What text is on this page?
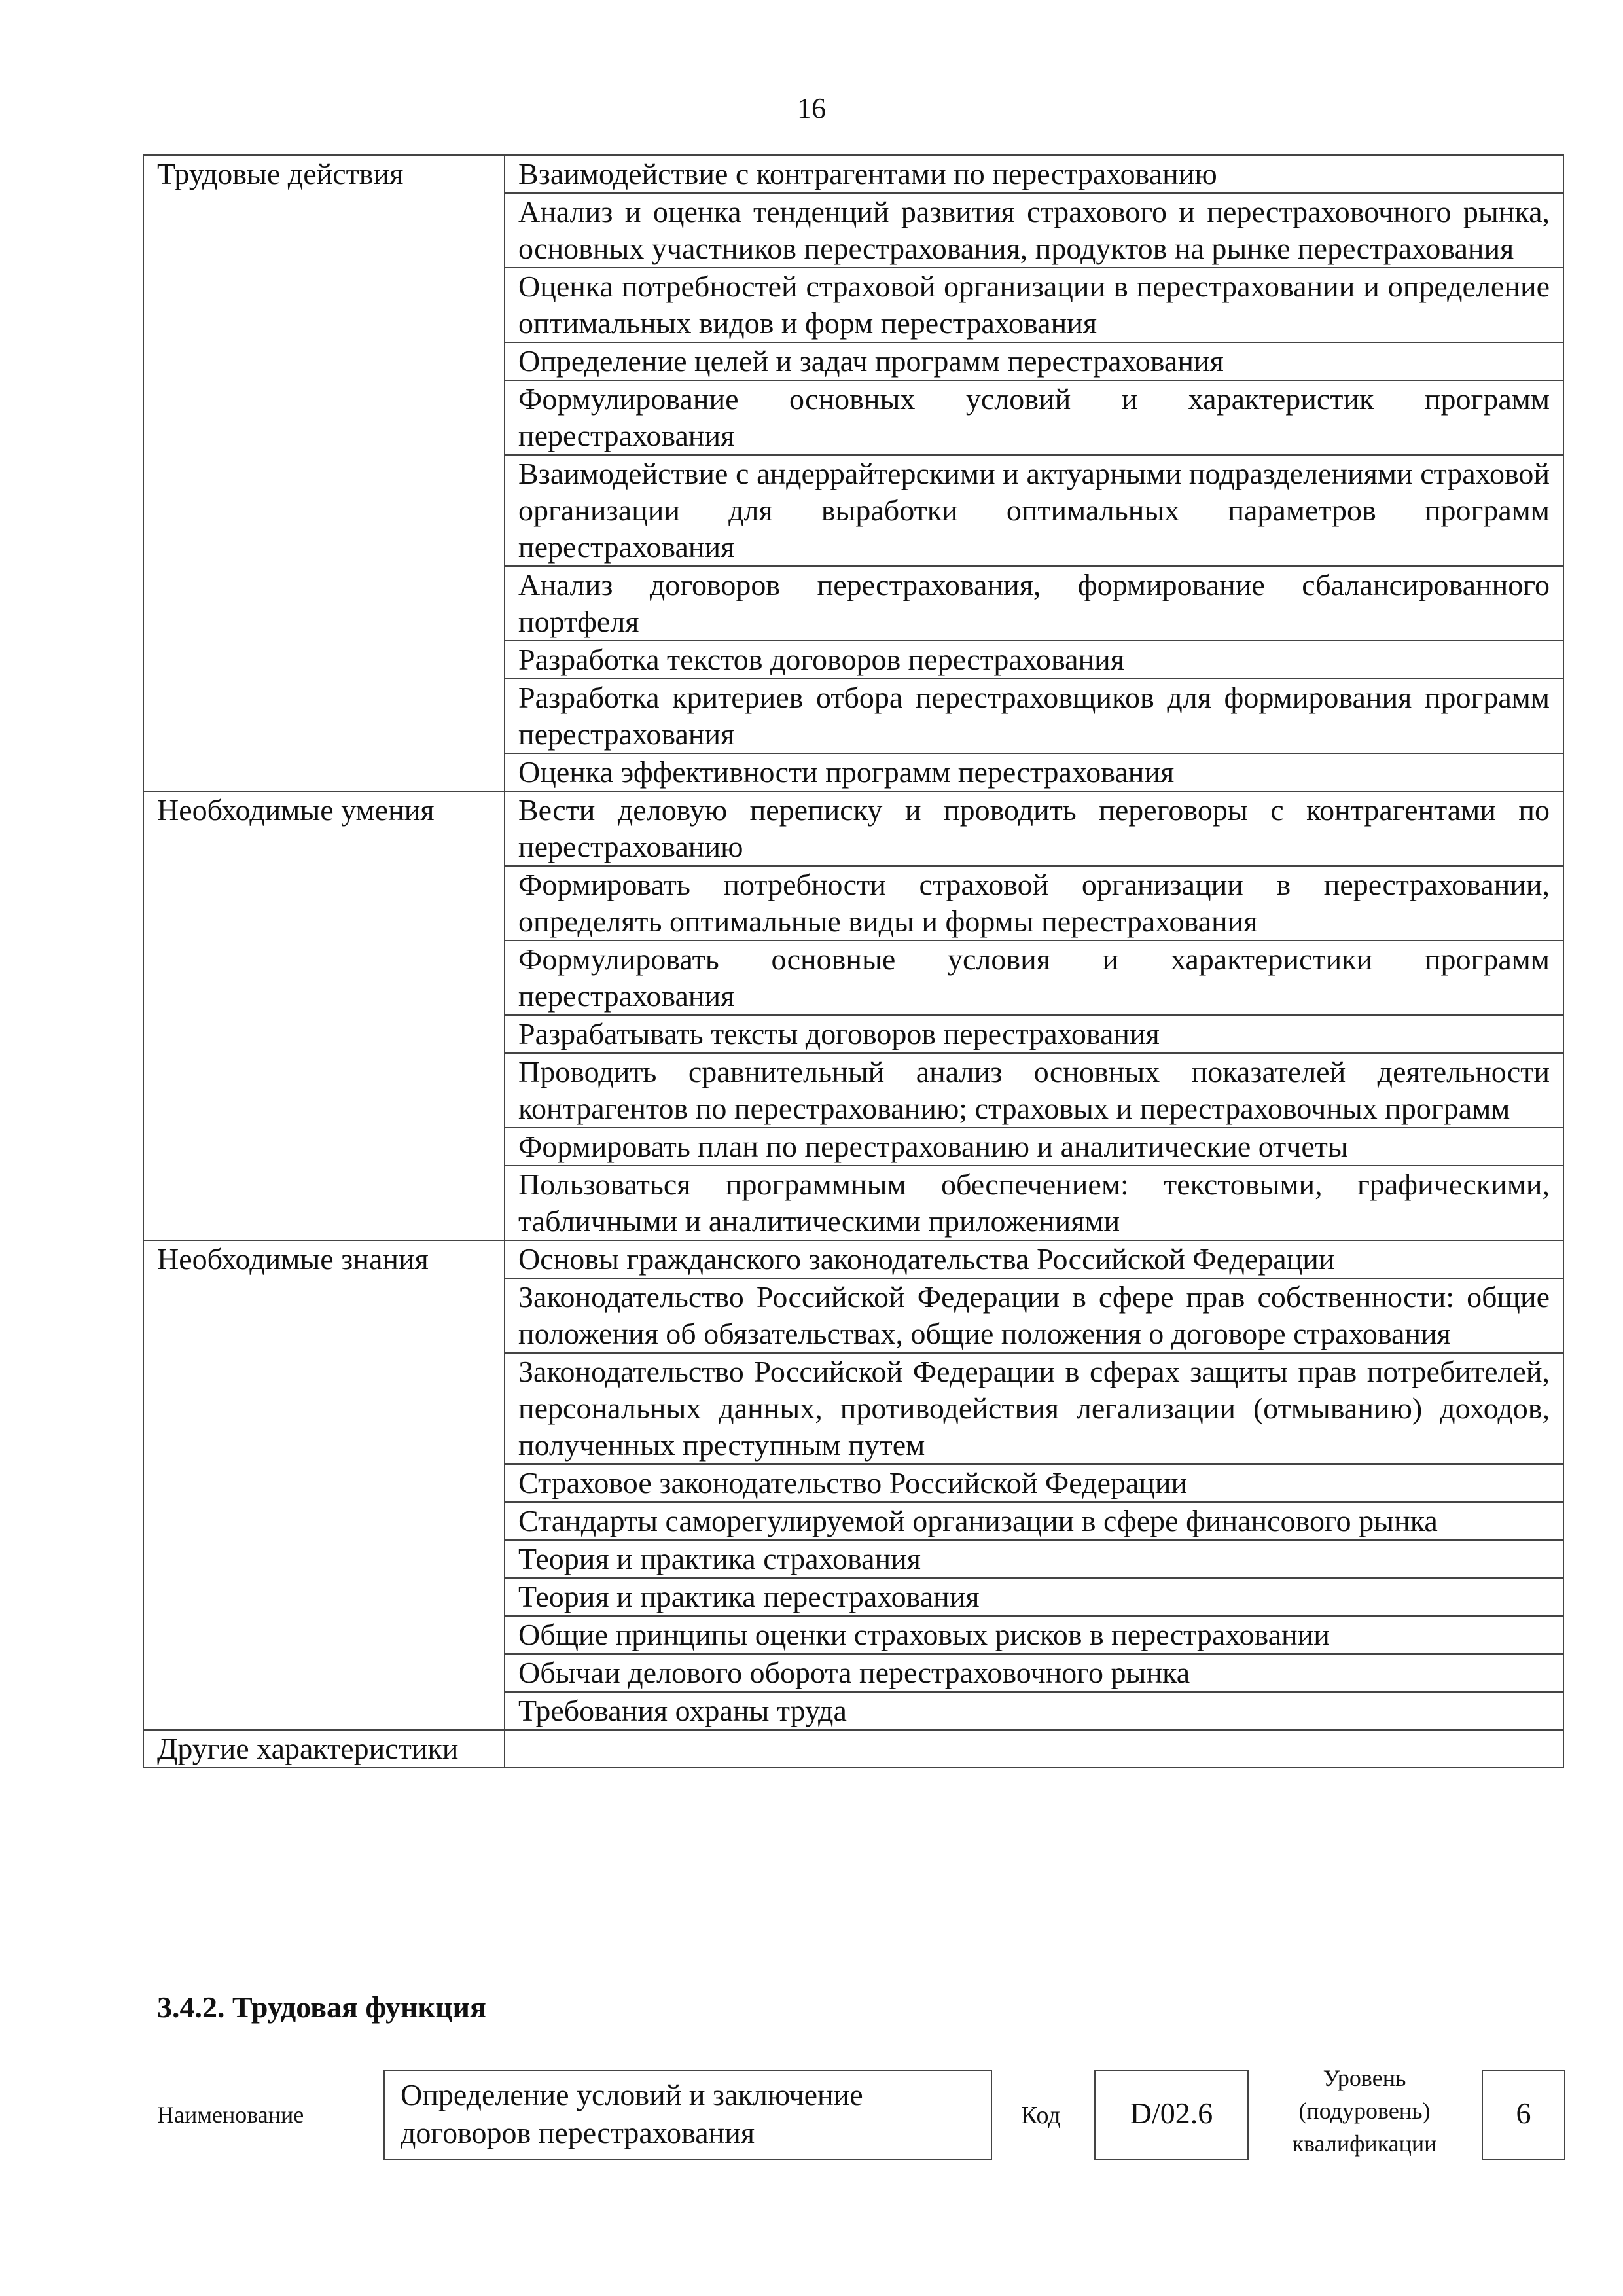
16
Трудовые действия	Взаимодействие с контрагентами по перестрахованию
	Анализ и оценка тенденций развития страхового и перестраховочного рынка, основных участников перестрахования, продуктов на рынке перестрахования
	Оценка потребностей страховой организации в перестраховании и определение оптимальных видов и форм перестрахования
	Определение целей и задач программ перестрахования
	Формулирование основных условий и характеристик программ перестрахования
	Взаимодействие с андеррайтерскими и актуарными подразделениями страховой организации для выработки оптимальных параметров программ перестрахования
	Анализ договоров перестрахования, формирование сбалансированного портфеля
	Разработка текстов договоров перестрахования
	Разработка критериев отбора перестраховщиков для формирования программ перестрахования
	Оценка эффективности программ перестрахования
Необходимые умения	Вести деловую переписку и проводить переговоры с контрагентами по перестрахованию
	Формировать потребности страховой организации в перестраховании, определять оптимальные виды и формы перестрахования
	Формулировать основные условия и характеристики программ перестрахования
	Разрабатывать тексты договоров перестрахования
	Проводить сравнительный анализ основных показателей деятельности контрагентов по перестрахованию; страховых и перестраховочных программ
	Формировать план по перестрахованию и аналитические отчеты
	Пользоваться программным обеспечением: текстовыми, графическими, табличными и аналитическими приложениями
Необходимые знания	Основы гражданского законодательства Российской Федерации
	Законодательство Российской Федерации в сфере прав собственности: общие положения об обязательствах, общие положения о договоре страхования
	Законодательство Российской Федерации в сферах защиты прав потребителей, персональных данных, противодействия легализации (отмыванию) доходов, полученных преступным путем
	Страховое законодательство Российской Федерации
	Стандарты саморегулируемой организации в сфере финансового рынка
	Теория и практика страхования
	Теория и практика перестрахования
	Общие принципы оценки страховых рисков в перестраховании
	Обычаи делового оборота перестраховочного рынка
	Требования охраны труда
Другие характеристики	
3.4.2. Трудовая функция
Наименование
Определение условий и заключение договоров перестрахования
Код	D/02.6
Уровень
(подуровень)
квалификации
6
